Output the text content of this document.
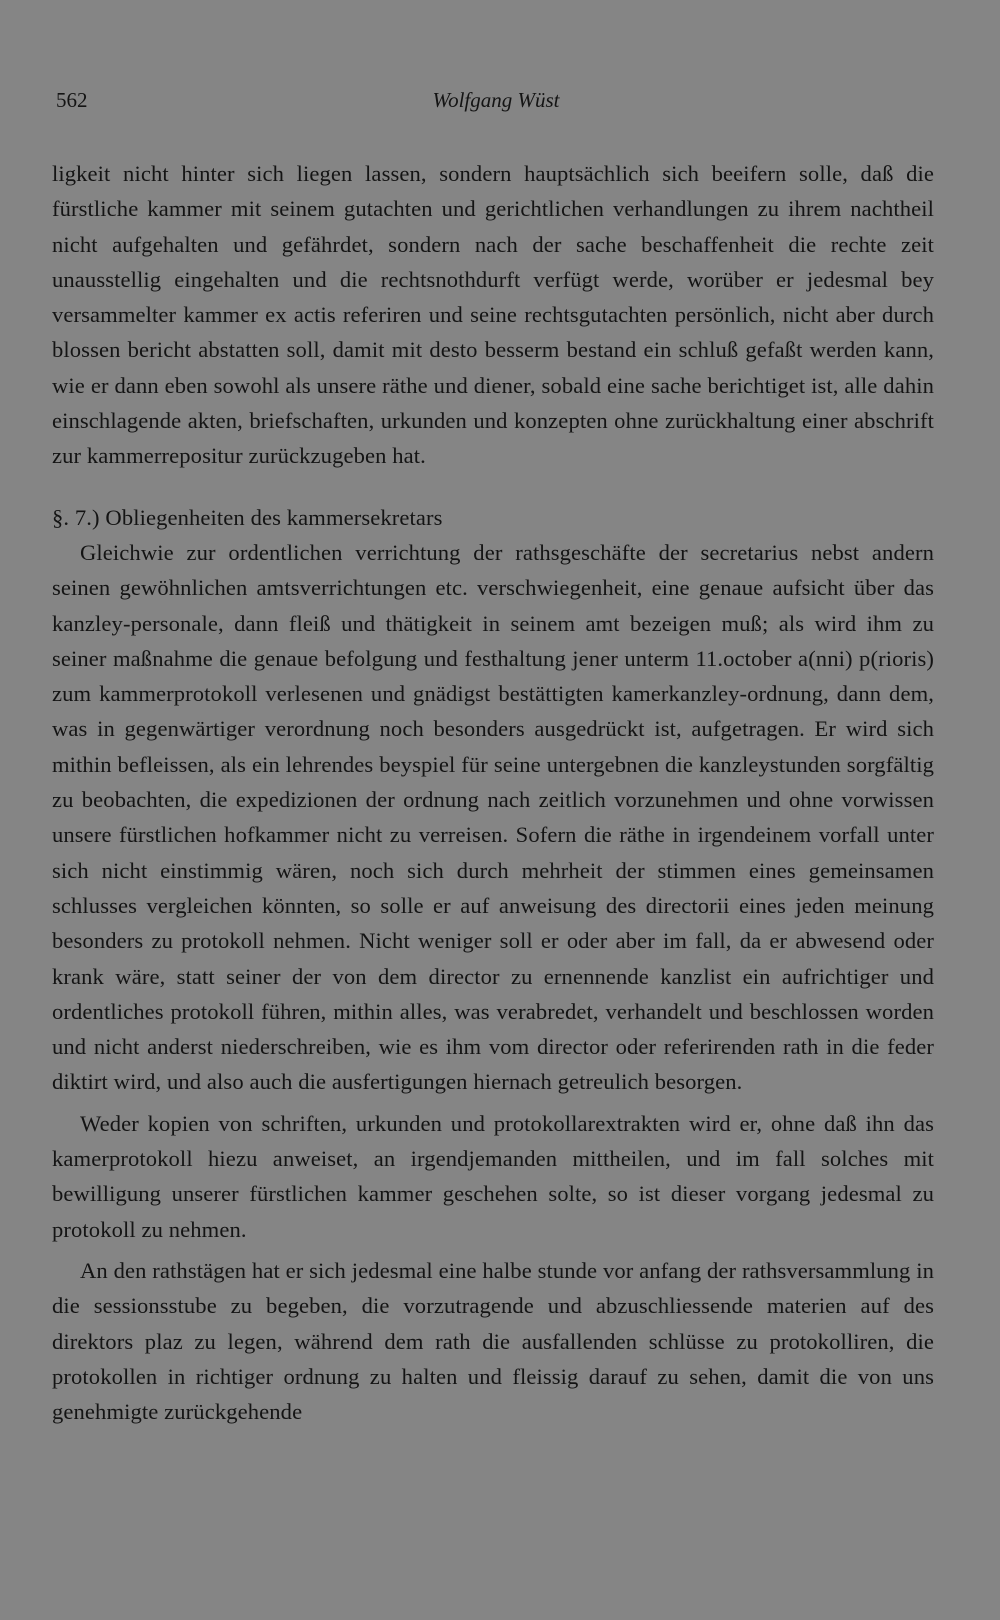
562	Wolfgang Wüst

ligkeit nicht hinter sich liegen lassen, sondern hauptsächlich sich beeifern solle, daß die fürstliche kammer mit seinem gutachten und gerichtlichen verhandlungen zu ihrem nachtheil nicht aufgehalten und gefährdet, sondern nach der sache beschaffenheit die rechte zeit unausstellig eingehalten und die rechtsnothdurft verfügt werde, worüber er jedesmal bey versammelter kammer ex actis referiren und seine rechtsgutachten persönlich, nicht aber durch blossen bericht abstatten soll, damit mit desto besserm bestand ein schluß gefaßt werden kann, wie er dann eben sowohl als unsere räthe und diener, sobald eine sache berichtiget ist, alle dahin einschlagende akten, briefschaften, urkunden und konzepten ohne zurückhaltung einer abschrift zur kammerrepositur zurückzugeben hat.

§. 7.) Obliegenheiten des kammersekretars

Gleichwie zur ordentlichen verrichtung der rathsgeschäfte der secretarius nebst andern seinen gewöhnlichen amtsverrichtungen etc. verschwiegenheit, eine genaue aufsicht über das kanzley-personale, dann fleiß und thätigkeit in seinem amt bezeigen muß; als wird ihm zu seiner maßnahme die genaue befolgung und festhaltung jener unterm 11.october a(nni) p(rioris) zum kammerprotokoll verlesenen und gnädigst bestättigten kamerkanzley-ordnung, dann dem, was in gegenwärtiger verordnung noch besonders ausgedrückt ist, aufgetragen. Er wird sich mithin befleissen, als ein lehrendes beyspiel für seine untergebnen die kanzleystunden sorgfältig zu beobachten, die expedizionen der ordnung nach zeitlich vorzunehmen und ohne vorwissen unsere fürstlichen hofkammer nicht zu verreisen. Sofern die räthe in irgendeinem vorfall unter sich nicht einstimmig wären, noch sich durch mehrheit der stimmen eines gemeinsamen schlusses vergleichen könnten, so solle er auf anweisung des directorii eines jeden meinung besonders zu protokoll nehmen. Nicht weniger soll er oder aber im fall, da er abwesend oder krank wäre, statt seiner der von dem director zu ernennende kanzlist ein aufrichtiger und ordentliches protokoll führen, mithin alles, was verabredet, verhandelt und beschlossen worden und nicht anderst niederschreiben, wie es ihm vom director oder referirenden rath in die feder diktirt wird, und also auch die ausfertigungen hiernach getreulich besorgen.

Weder kopien von schriften, urkunden und protokollarextrakten wird er, ohne daß ihn das kamerprotokoll hiezu anweiset, an irgendjemanden mittheilen, und im fall solches mit bewilligung unserer fürstlichen kammer geschehen solte, so ist dieser vorgang jedesmal zu protokoll zu nehmen.

An den rathstägen hat er sich jedesmal eine halbe stunde vor anfang der rathsversammlung in die sessionsstube zu begeben, die vorzutragende und abzuschliessende materien auf des direktors plaz zu legen, während dem rath die ausfallenden schlüsse zu protokolliren, die protokollen in richtiger ordnung zu halten und fleissig darauf zu sehen, damit die von uns genehmigte zurückgehende
